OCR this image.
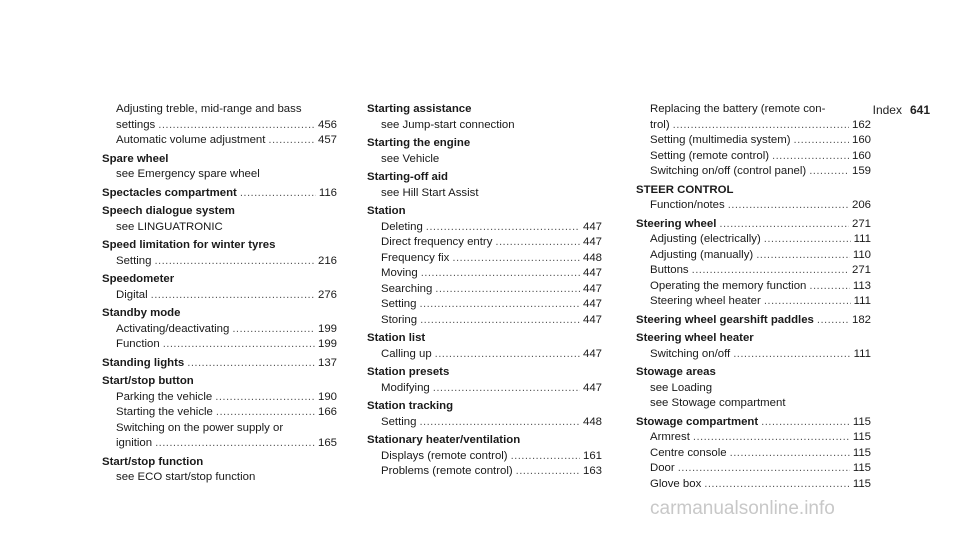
Index 641
Adjusting treble, mid-range and bass
settings .....	456
Automatic volume adjustment .....	457
Spare wheel
see Emergency spare wheel
Spectacles compartment .....	116
Speech dialogue system
see LINGUATRONIC
Speed limitation for winter tyres
Setting .....	216
Speedometer
Digital .....	276
Standby mode
Activating/deactivating .....	199
Function .....	199
Standing lights .....	137
Start/stop button
Parking the vehicle .....	190
Starting the vehicle .....	166
Switching on the power supply or
ignition .....	165
Start/stop function
see ECO start/stop function
Starting assistance
see Jump-start connection
Starting the engine
see Vehicle
Starting-off aid
see Hill Start Assist
Station
Deleting .....	447
Direct frequency entry .....	447
Frequency fix .....	448
Moving .....	447
Searching .....	447
Setting .....	447
Storing .....	447
Station list
Calling up .....	447
Station presets
Modifying .....	447
Station tracking
Setting .....	448
Stationary heater/ventilation
Displays (remote control) .....	161
Problems (remote control) .....	163
Replacing the battery (remote con-
trol) .....	162
Setting (multimedia system) .....	160
Setting (remote control) .....	160
Switching on/off (control panel) .....	159
STEER CONTROL
Function/notes .....	206
Steering wheel .....	271
Adjusting (electrically) .....	111
Adjusting (manually) .....	110
Buttons .....	271
Operating the memory function .....	113
Steering wheel heater .....	111
Steering wheel gearshift paddles .....	182
Steering wheel heater
Switching on/off .....	111
Stowage areas
see Loading
see Stowage compartment
Stowage compartment .....	115
Armrest .....	115
Centre console .....	115
Door .....	115
Glove box .....	115
carmanualsonline.info
